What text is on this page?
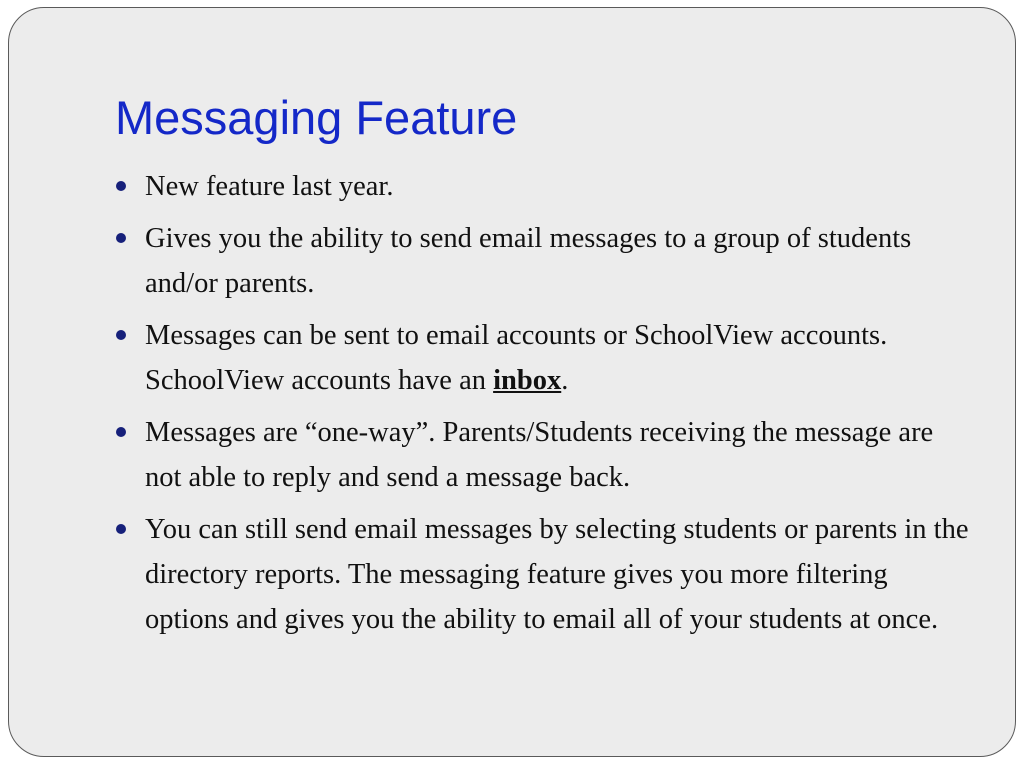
Messaging Feature
New feature last year.
Gives you the ability to send email messages to a group of students and/or parents.
Messages can be sent to email accounts or SchoolView accounts. SchoolView accounts have an inbox.
Messages are “one-way”. Parents/Students receiving the message are not able to reply and send a message back.
You can still send email messages by selecting students or parents in the directory reports. The messaging feature gives you more filtering options and gives you the ability to email all of your students at once.
